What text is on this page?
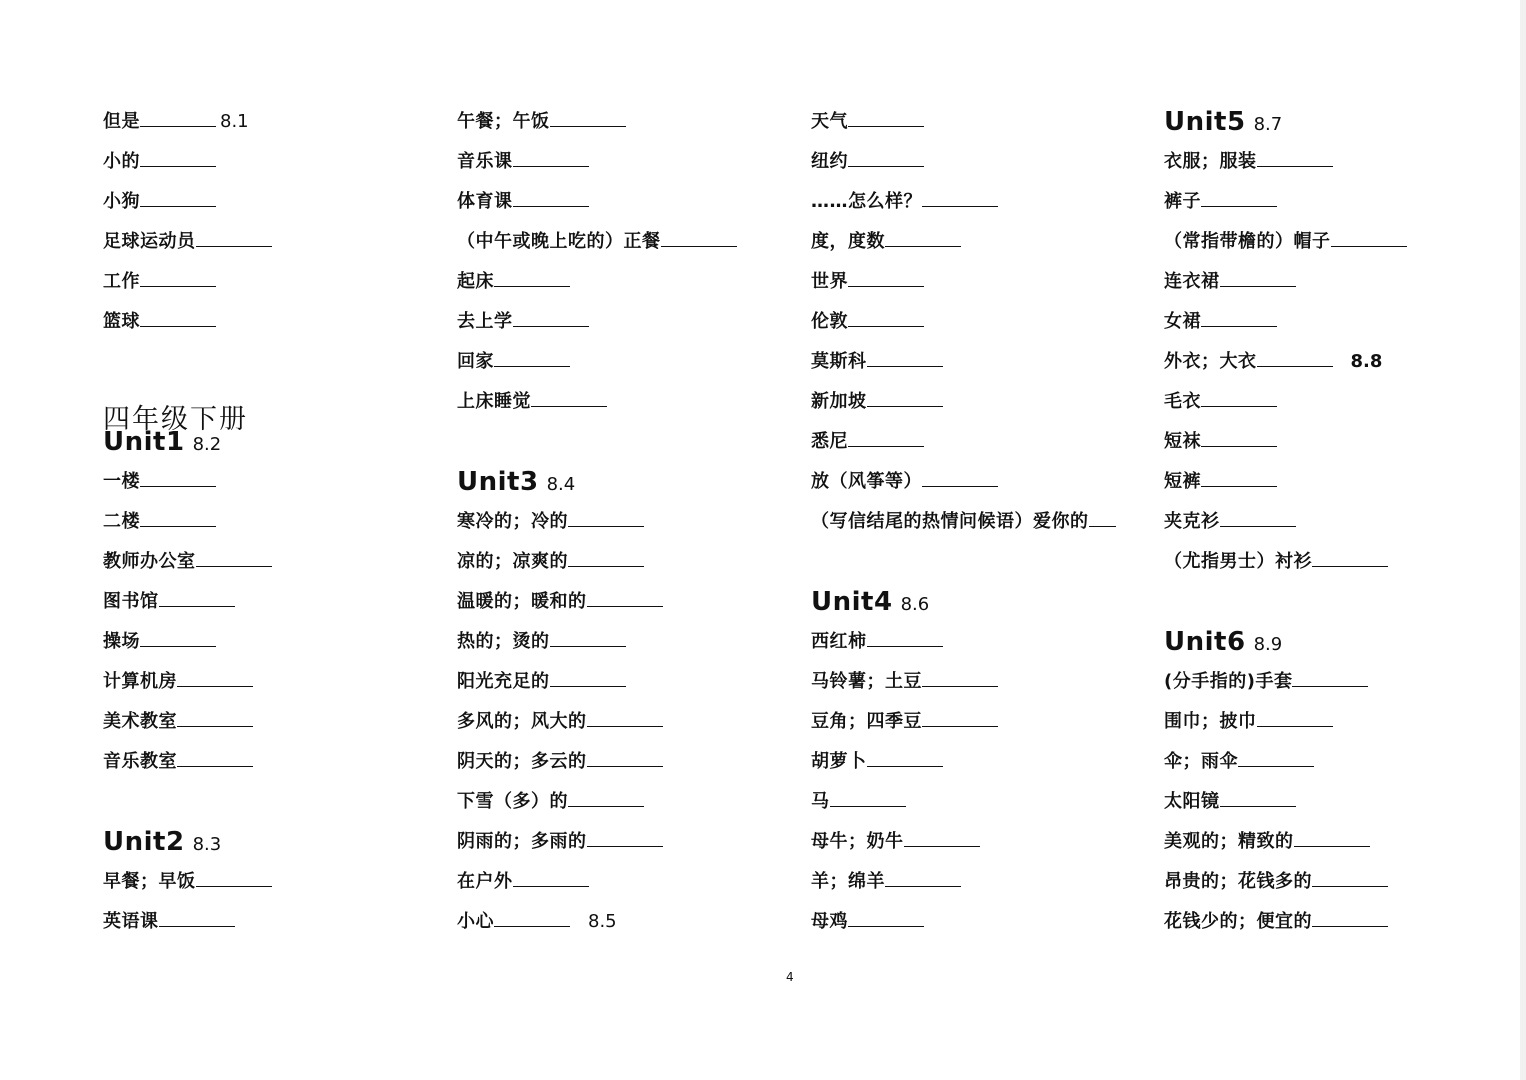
但是	8.1
小的
小狗
足球运动员
工作
篮球
四年级下册
Unit1 8.2
一楼
二楼
教师办公室
图书馆
操场
计算机房
美术教室
音乐教室
Unit2 8.3
早餐；早饭
英语课
午餐；午饭
音乐课
体育课
（中午或晚上吃的）正餐
起床
去上学
回家
上床睡觉
Unit3 8.4
寒冷的；冷的
凉的；凉爽的
温暖的；暖和的
热的；烫的
阳光充足的
多风的；风大的
阴天的；多云的
下雪（多）的
阴雨的；多雨的
在户外
小心	8.5
天气
纽约
……怎么样？
度，度数
世界
伦敦
莫斯科
新加坡
悉尼
放（风筝等）
（写信结尾的热情问候语）爱你的
Unit4 8.6
西红柿
马铃薯；土豆
豆角；四季豆
胡萝卜
马
母牛；奶牛
羊；绵羊
母鸡
Unit5 8.7
衣服；服装
裤子
（常指带檐的）帽子
连衣裙
女裙
外衣；大衣	8.8
毛衣
短袜
短裤
夹克衫
（尤指男士）衬衫
Unit6 8.9
(分手指的)手套
围巾；披巾
伞；雨伞
太阳镜
美观的；精致的
昂贵的；花钱多的
花钱少的；便宜的
4
